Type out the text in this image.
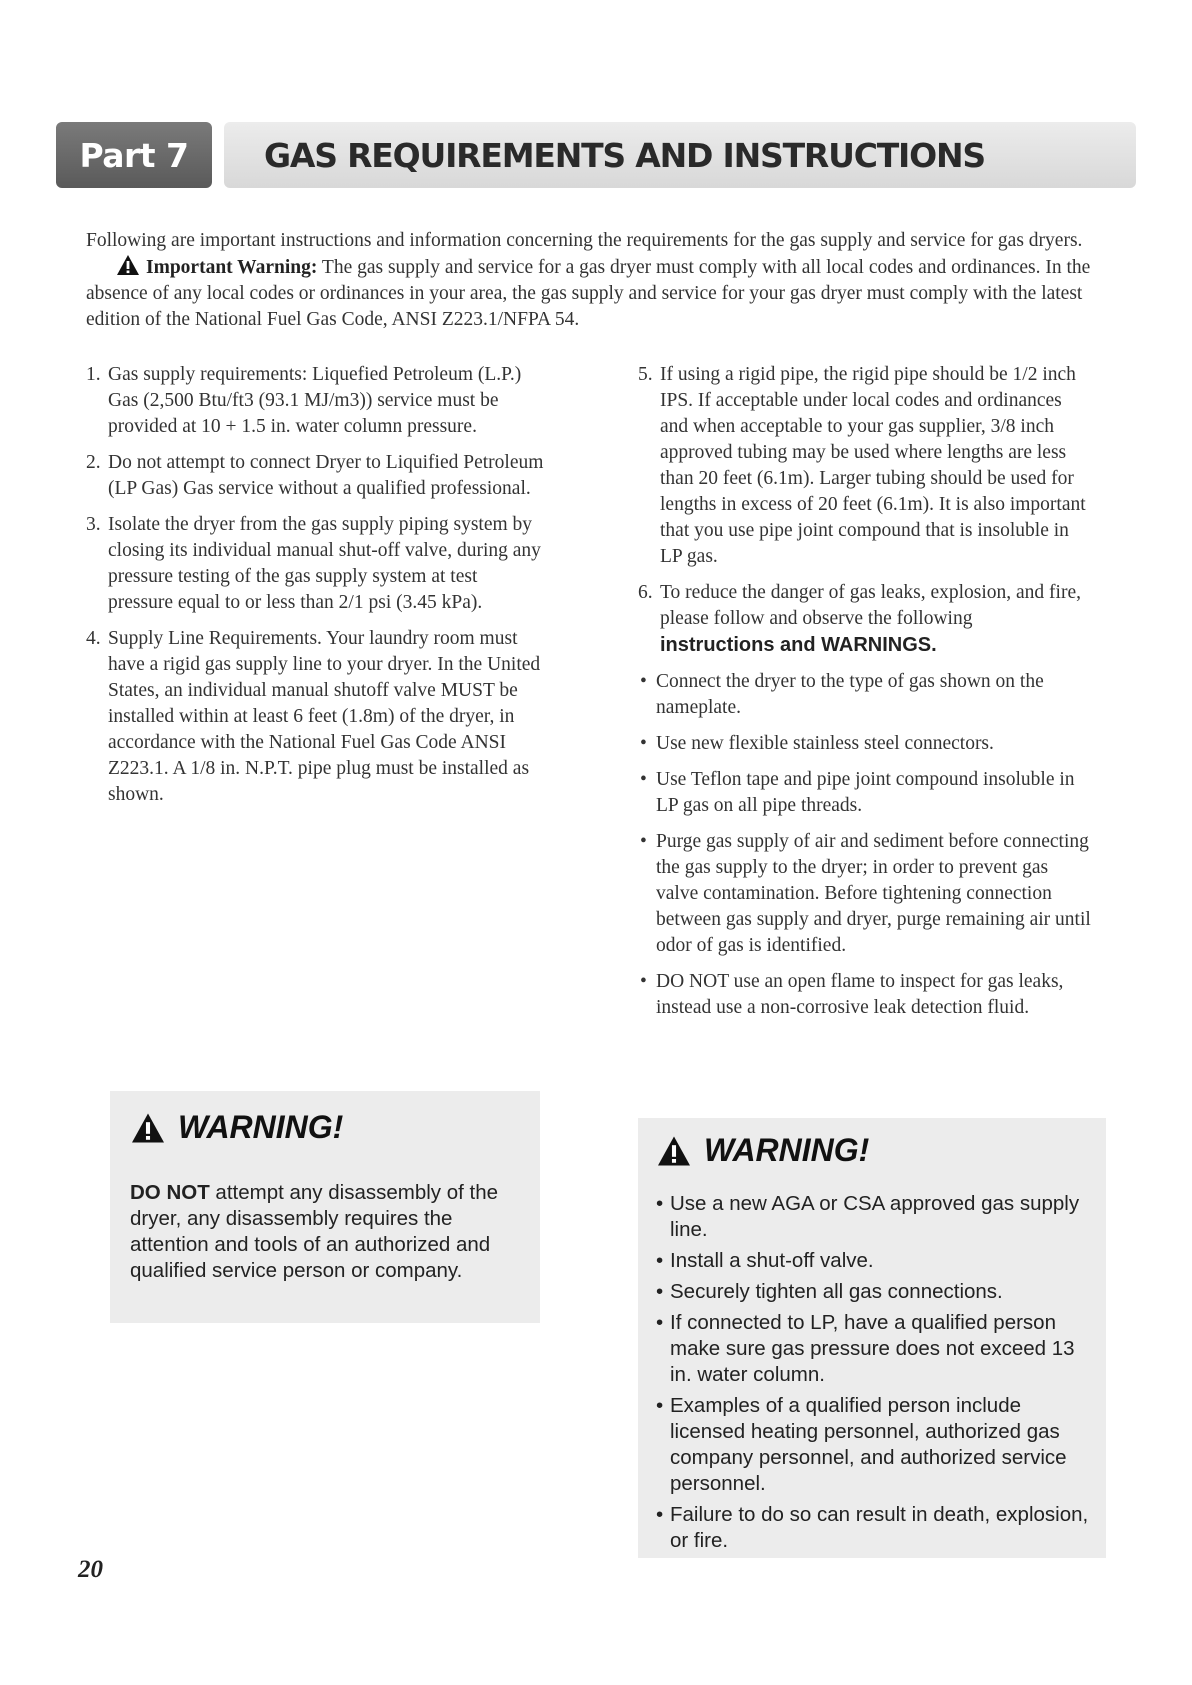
Part 7	GAS REQUIREMENTS AND INSTRUCTIONS
Following are important instructions and information concerning the requirements for the gas supply and service for gas dryers. Important Warning: The gas supply and service for a gas dryer must comply with all local codes and ordinances. In the absence of any local codes or ordinances in your area, the gas supply and service for your gas dryer must comply with the latest edition of the National Fuel Gas Code, ANSI Z223.1/NFPA 54.
1. Gas supply requirements: Liquefied Petroleum (L.P.) Gas (2,500 Btu/ft3 (93.1 MJ/m3)) service must be provided at 10 + 1.5 in. water column pressure.
2. Do not attempt to connect Dryer to Liquified Petroleum (LP Gas) Gas service without a qualified professional.
3. Isolate the dryer from the gas supply piping system by closing its individual manual shut-off valve, during any pressure testing of the gas supply system at test pressure equal to or less than 2/1 psi (3.45 kPa).
4. Supply Line Requirements. Your laundry room must have a rigid gas supply line to your dryer. In the United States, an individual manual shutoff valve MUST be installed within at least 6 feet (1.8m) of the dryer, in accordance with the National Fuel Gas Code ANSI Z223.1. A 1/8 in. N.P.T. pipe plug must be installed as shown.
5. If using a rigid pipe, the rigid pipe should be 1/2 inch IPS. If acceptable under local codes and ordinances and when acceptable to your gas supplier, 3/8 inch approved tubing may be used where lengths are less than 20 feet (6.1m). Larger tubing should be used for lengths in excess of 20 feet (6.1m). It is also important that you use pipe joint compound that is insoluble in LP gas.
6. To reduce the danger of gas leaks, explosion, and fire, please follow and observe the following
instructions and WARNINGS.
• Connect the dryer to the type of gas shown on the nameplate.
• Use new flexible stainless steel connectors.
• Use Teflon tape and pipe joint compound insoluble in LP gas on all pipe threads.
• Purge gas supply of air and sediment before connecting the gas supply to the dryer; in order to prevent gas valve contamination. Before tightening connection between gas supply and dryer, purge remaining air until odor of gas is identified.
• DO NOT use an open flame to inspect for gas leaks, instead use a non-corrosive leak detection fluid.
WARNING!
DO NOT attempt any disassembly of the dryer, any disassembly requires the attention and tools of an authorized and qualified service person or company.
WARNING!
• Use a new AGA or CSA approved gas supply line.
• Install a shut-off valve.
• Securely tighten all gas connections.
• If connected to LP, have a qualified person make sure gas pressure does not exceed 13 in. water column.
• Examples of a qualified person include licensed heating personnel, authorized gas company personnel, and authorized service personnel.
• Failure to do so can result in death, explosion, or fire.
20
